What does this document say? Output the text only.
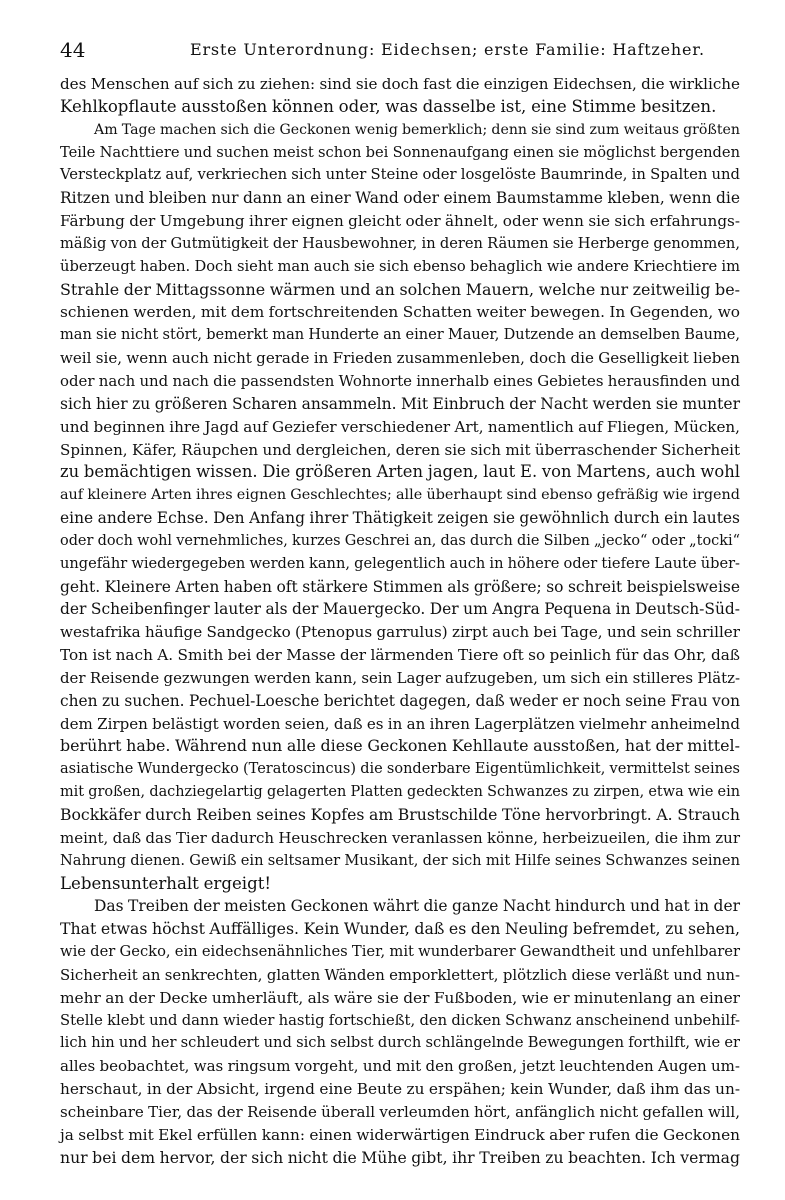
44	Erste Unterordnung: Eidechsen; erste Familie: Haftzeher.
des Menschen auf sich zu ziehen: sind sie doch fast die einzigen Eidechsen, die wirkliche
Kehlkopflaute ausstoßen können oder, was dasselbe ist, eine Stimme besitzen.
Am Tage machen sich die Geckonen wenig bemerklich; denn sie sind zum weitaus größten
Teile Nachttiere und suchen meist schon bei Sonnenaufgang einen sie möglichst bergenden
Versteckplatz auf, verkriechen sich unter Steine oder losgelöste Baumrinde, in Spalten und
Ritzen und bleiben nur dann an einer Wand oder einem Baumstamme kleben, wenn die
Färbung der Umgebung ihrer eignen gleicht oder ähnelt, oder wenn sie sich erfahrungs-
mäßig von der Gutmütigkeit der Hausbewohner, in deren Räumen sie Herberge genommen,
überzeugt haben. Doch sieht man auch sie sich ebenso behaglich wie andere Kriechtiere im
Strahle der Mittagssonne wärmen und an solchen Mauern, welche nur zeitweilig be-
schienen werden, mit dem fortschreitenden Schatten weiter bewegen. In Gegenden, wo
man sie nicht stört, bemerkt man Hunderte an einer Mauer, Dutzende an demselben Baume,
weil sie, wenn auch nicht gerade in Frieden zusammenleben, doch die Geselligkeit lieben
oder nach und nach die passendsten Wohnorte innerhalb eines Gebietes herausfinden und
sich hier zu größeren Scharen ansammeln. Mit Einbruch der Nacht werden sie munter
und beginnen ihre Jagd auf Geziefer verschiedener Art, namentlich auf Fliegen, Mücken,
Spinnen, Käfer, Räupchen und dergleichen, deren sie sich mit überraschender Sicherheit
zu bemächtigen wissen. Die größeren Arten jagen, laut E. von Martens, auch wohl
auf kleinere Arten ihres eignen Geschlechtes; alle überhaupt sind ebenso gefräßig wie irgend
eine andere Echse. Den Anfang ihrer Thätigkeit zeigen sie gewöhnlich durch ein lautes
oder doch wohl vernehmliches, kurzes Geschrei an, das durch die Silben „jecko“ oder „tocki“
ungefähr wiedergegeben werden kann, gelegentlich auch in höhere oder tiefere Laute über-
geht. Kleinere Arten haben oft stärkere Stimmen als größere; so schreit beispielsweise
der Scheibenfinger lauter als der Mauergecko. Der um Angra Pequena in Deutsch-Süd-
westafrika häufige Sandgecko (Ptenopus garrulus) zirpt auch bei Tage, und sein schriller
Ton ist nach A. Smith bei der Masse der lärmenden Tiere oft so peinlich für das Ohr, daß
der Reisende gezwungen werden kann, sein Lager aufzugeben, um sich ein stilleres Plätz-
chen zu suchen. Pechuel-Loesche berichtet dagegen, daß weder er noch seine Frau von
dem Zirpen belästigt worden seien, daß es in an ihren Lagerplätzen vielmehr anheimelnd
berührt habe. Während nun alle diese Geckonen Kehllaute ausstoßen, hat der mittel-
asiatische Wundergecko (Teratoscincus) die sonderbare Eigentümlichkeit, vermittelst seines
mit großen, dachziegelartig gelagerten Platten gedeckten Schwanzes zu zirpen, etwa wie ein
Bockkäfer durch Reiben seines Kopfes am Brustschilde Töne hervorbringt. A. Strauch
meint, daß das Tier dadurch Heuschrecken veranlassen könne, herbeizueilen, die ihm zur
Nahrung dienen. Gewiß ein seltsamer Musikant, der sich mit Hilfe seines Schwanzes seinen
Lebensunterhalt ergeigt!
Das Treiben der meisten Geckonen währt die ganze Nacht hindurch und hat in der
That etwas höchst Auffälliges. Kein Wunder, daß es den Neuling befremdet, zu sehen,
wie der Gecko, ein eidechsenähnliches Tier, mit wunderbarer Gewandtheit und unfehlbarer
Sicherheit an senkrechten, glatten Wänden emporklettert, plötzlich diese verläßt und nun-
mehr an der Decke umherläuft, als wäre sie der Fußboden, wie er minutenlang an einer
Stelle klebt und dann wieder hastig fortschießt, den dicken Schwanz anscheinend unbehilf-
lich hin und her schleudert und sich selbst durch schlängelnde Bewegungen forthilft, wie er
alles beobachtet, was ringsum vorgeht, und mit den großen, jetzt leuchtenden Augen um-
herschaut, in der Absicht, irgend eine Beute zu erspähen; kein Wunder, daß ihm das un-
scheinbare Tier, das der Reisende überall verleumden hört, anfänglich nicht gefallen will,
ja selbst mit Ekel erfüllen kann: einen widerwärtigen Eindruck aber rufen die Geckonen
nur bei dem hervor, der sich nicht die Mühe gibt, ihr Treiben zu beachten. Ich vermag
